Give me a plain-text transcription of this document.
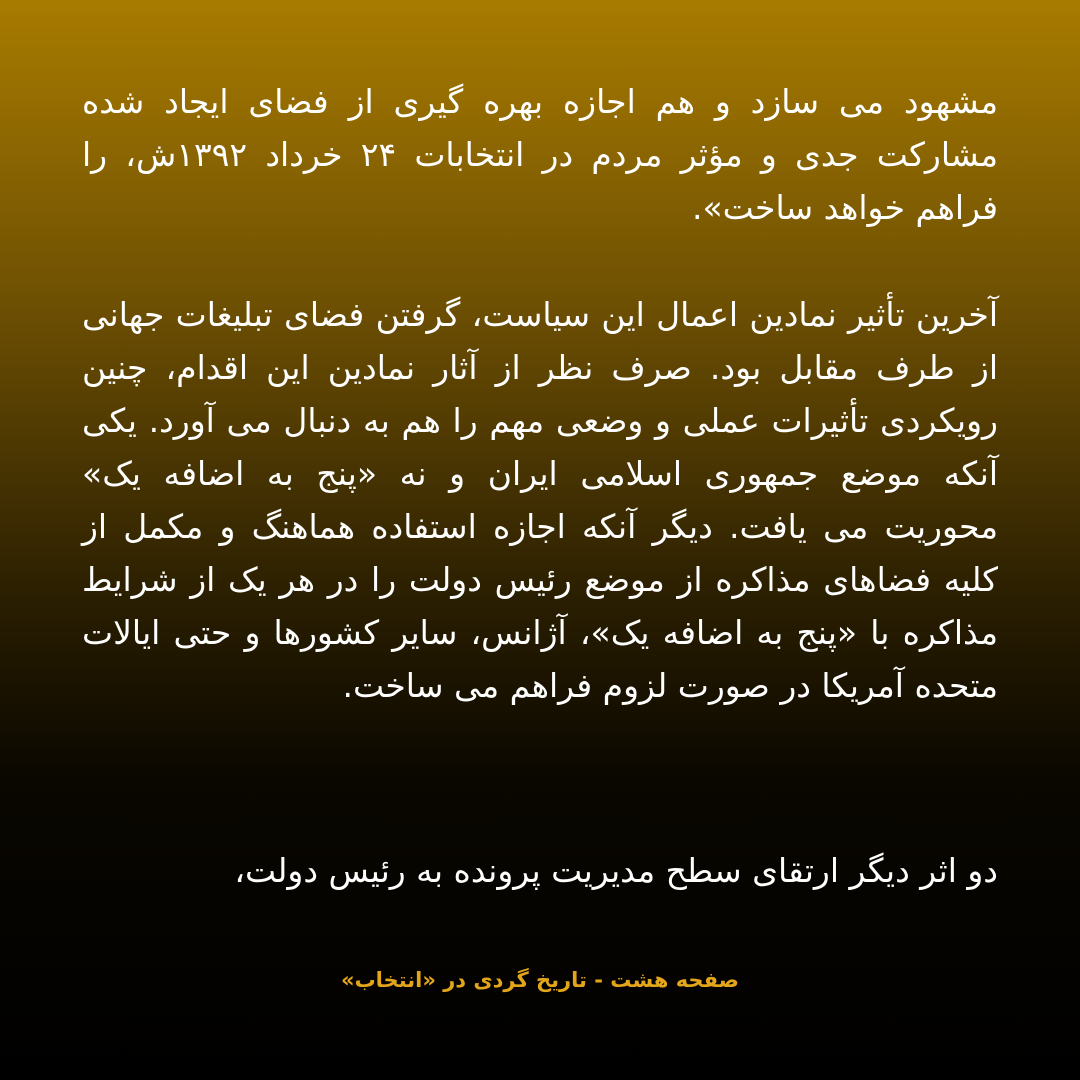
مشهود می سازد و هم اجازه بهره گیری از فضای ایجاد شده مشارکت جدی و مؤثر مردم در انتخابات ۲۴ خرداد ۱۳۹۲ش، را فراهم خواهد ساخت».

آخرین تأثیر نمادین اعمال این سیاست، گرفتن فضای تبلیغات جهانی از طرف مقابل بود. صرف نظر از آثار نمادین این اقدام، چنین رویکردی تأثیرات عملی و وضعی مهم را هم به دنبال می آورد. یکی آنکه موضع جمهوری اسلامی ایران و نه «پنج به اضافه یک» محوریت می یافت. دیگر آنکه اجازه استفاده هماهنگ و مکمل از کلیه فضاهای مذاکره از موضع رئیس دولت را در هر یک از شرایط مذاکره با «پنج به اضافه یک»، آژانس، سایر کشورها و حتی ایالات متحده آمریکا در صورت لزوم فراهم می ساخت.

دو اثر دیگر ارتقای سطح مدیریت پرونده به رئیس دولت،

صفحه هشت - تاریخ گردی در «انتخاب»
